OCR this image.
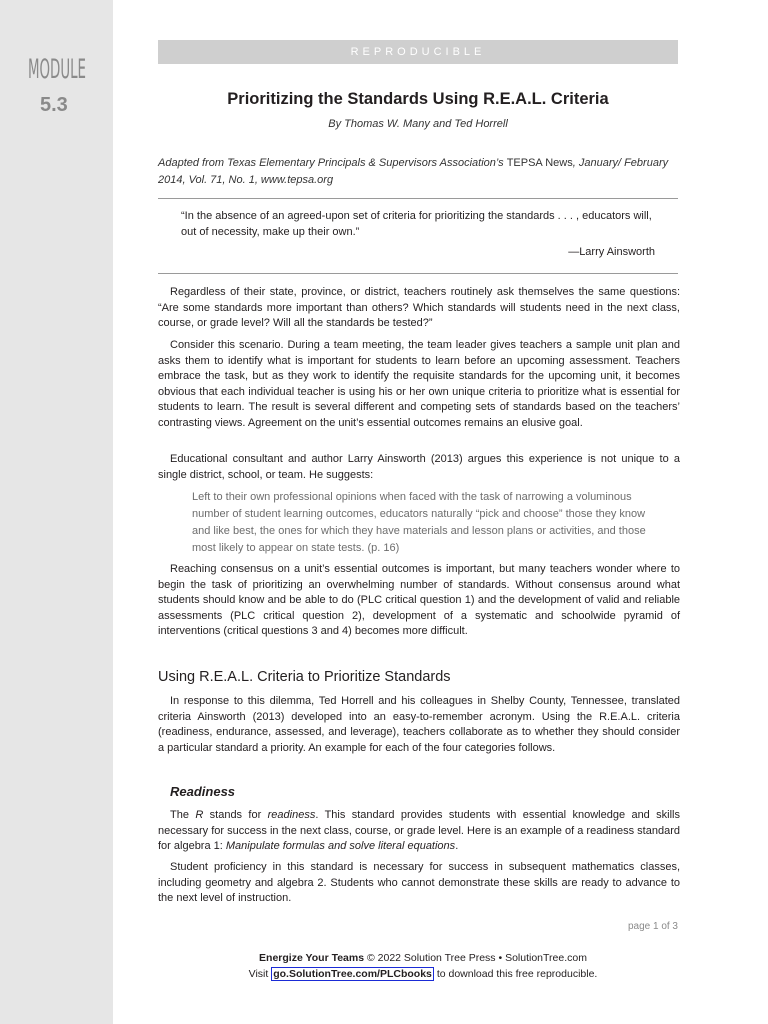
MODULE
5.3
REPRODUCIBLE
Prioritizing the Standards Using R.E.A.L. Criteria
By Thomas W. Many and Ted Horrell
Adapted from Texas Elementary Principals & Supervisors Association’s TEPSA News, January/ February 2014, Vol. 71, No. 1, www.tepsa.org
“In the absence of an agreed-upon set of criteria for prioritizing the standards . . . , educators will, out of necessity, make up their own.”
—Larry Ainsworth

Regardless of their state, province, or district, teachers routinely ask themselves the same questions: “Are some standards more important than others? Which standards will students need in the next class, course, or grade level? Will all the standards be tested?”

Consider this scenario. During a team meeting, the team leader gives teachers a sample unit plan and asks them to identify what is important for students to learn before an upcoming assessment. Teachers embrace the task, but as they work to identify the requisite standards for the upcoming unit, it becomes obvious that each individual teacher is using his or her own unique criteria to prioritize what is essential for students to learn. The result is several different and competing sets of standards based on the teachers’ contrasting views. Agreement on the unit’s essential outcomes remains an elusive goal.

Educational consultant and author Larry Ainsworth (2013) argues this experience is not unique to a single district, school, or team. He suggests:

Left to their own professional opinions when faced with the task of narrowing a voluminous number of student learning outcomes, educators naturally “pick and choose” those they know and like best, the ones for which they have materials and lesson plans or activities, and those most likely to appear on state tests. (p. 16)

Reaching consensus on a unit’s essential outcomes is important, but many teachers wonder where to begin the task of prioritizing an overwhelming number of standards. Without consensus around what students should know and be able to do (PLC critical question 1) and the development of valid and reliable assessments (PLC critical question 2), development of a systematic and schoolwide pyramid of interventions (critical questions 3 and 4) becomes more difficult.

Using R.E.A.L. Criteria to Prioritize Standards

In response to this dilemma, Ted Horrell and his colleagues in Shelby County, Tennessee, translated criteria Ainsworth (2013) developed into an easy-to-remember acronym. Using the R.E.A.L. criteria (readiness, endurance, assessed, and leverage), teachers collaborate as to whether they should consider a particular standard a priority. An example for each of the four categories follows.

Readiness

The R stands for readiness. This standard provides students with essential knowledge and skills necessary for success in the next class, course, or grade level. Here is an example of a readiness standard for algebra 1: Manipulate formulas and solve literal equations.

Student proficiency in this standard is necessary for success in subsequent mathematics classes, including geometry and algebra 2. Students who cannot demonstrate these skills are ready to advance to the next level of instruction.

page 1 of 3
Energize Your Teams © 2022 Solution Tree Press • SolutionTree.com
Visit go.SolutionTree.com/PLCbooks to download this free reproducible.
